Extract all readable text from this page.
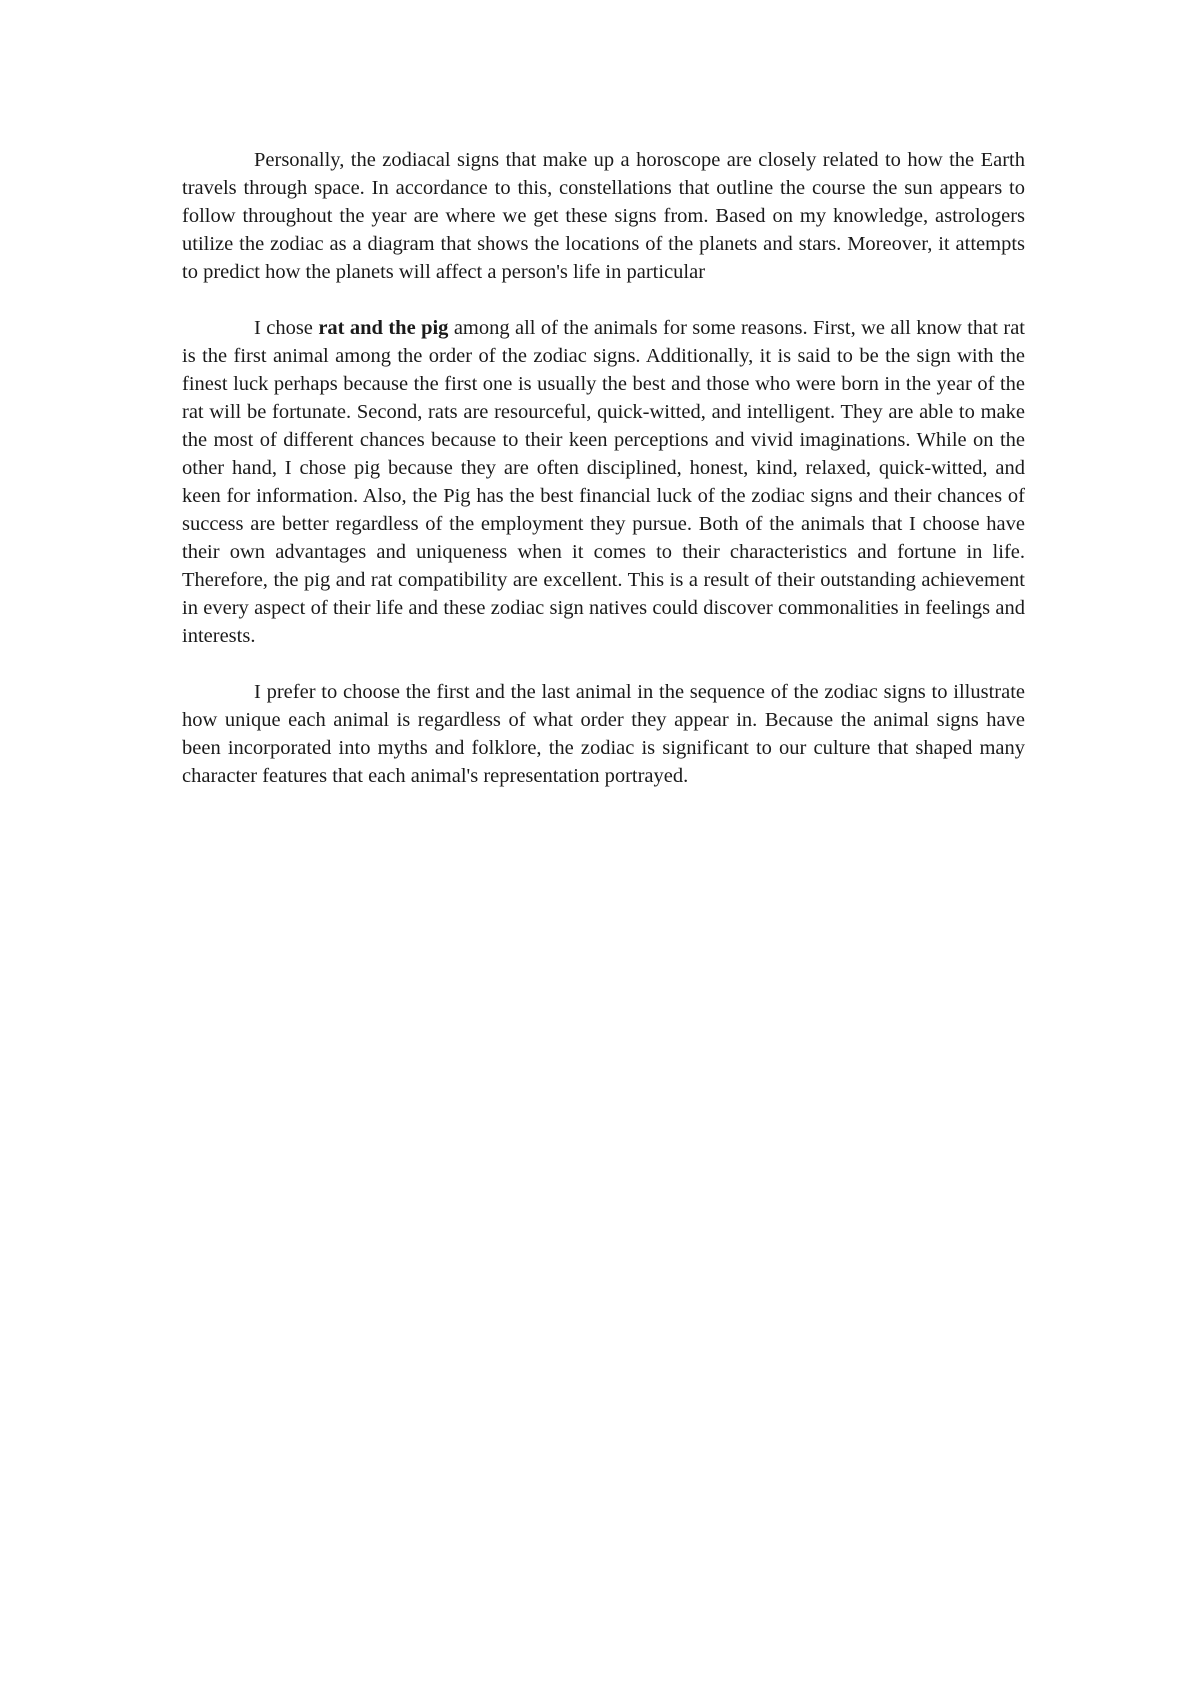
Personally, the zodiacal signs that make up a horoscope are closely related to how the Earth travels through space. In accordance to this, constellations that outline the course the sun appears to follow throughout the year are where we get these signs from. Based on my knowledge, astrologers utilize the zodiac as a diagram that shows the locations of the planets and stars. Moreover, it attempts to predict how the planets will affect a person's life in particular

I chose rat and the pig among all of the animals for some reasons. First, we all know that rat is the first animal among the order of the zodiac signs. Additionally, it is said to be the sign with the finest luck perhaps because the first one is usually the best and those who were born in the year of the rat will be fortunate. Second, rats are resourceful, quick-witted, and intelligent. They are able to make the most of different chances because to their keen perceptions and vivid imaginations. While on the other hand, I chose pig because they are often disciplined, honest, kind, relaxed, quick-witted, and keen for information. Also, the Pig has the best financial luck of the zodiac signs and their chances of success are better regardless of the employment they pursue. Both of the animals that I choose have their own advantages and uniqueness when it comes to their characteristics and fortune in life. Therefore, the pig and rat compatibility are excellent. This is a result of their outstanding achievement in every aspect of their life and these zodiac sign natives could discover commonalities in feelings and interests.

I prefer to choose the first and the last animal in the sequence of the zodiac signs to illustrate how unique each animal is regardless of what order they appear in. Because the animal signs have been incorporated into myths and folklore, the zodiac is significant to our culture that shaped many character features that each animal's representation portrayed.
